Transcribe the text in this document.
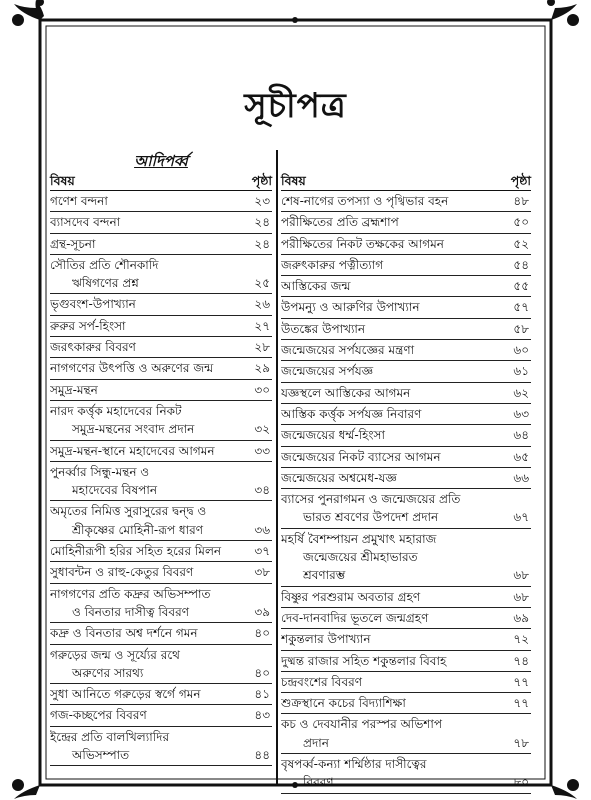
সূচীপত্র
আদিপর্ব্ব
বিষয়	পৃষ্ঠা
গণেশ বন্দনা	২৩
ব্যাসদেব বন্দনা	২৪
গ্রন্থ-সূচনা	২৪
সৌতির প্রতি শৌনকাদি
ঋষিগণের প্রশ্ন	২৫
ভৃগুবংশ-উপাখ্যান	২৬
রুরুর সর্প-হিংসা	২৭
জরৎকারুর বিবরণ	২৮
নাগগণের উৎপত্তি ও অরুণের জন্ম	২৯
সমুদ্র-মন্থন	৩০
নারদ কর্ত্তৃক মহাদেবের নিকট
সমুদ্র-মন্থনের সংবাদ প্রদান	৩২
সমুদ্র-মন্থন-স্থানে মহাদেবের আগমন	৩৩
পুনর্ব্বার সিন্ধু-মন্থন ও
মহাদেবের বিষপান	৩৪
অমৃতের নিমিত্ত সুরাসুরের দ্বন্দ্ব ও
শ্রীকৃষ্ণের মোহিনী-রূপ ধারণ	৩৬
মোহিনীরূপী হরির সহিত হরের মিলন	৩৭
সুধাবন্টন ও রাহু-কেতুর বিবরণ	৩৮
নাগগণের প্রতি কদ্রুর অভিসম্পাত
ও বিনতার দাসীত্ব বিবরণ	৩৯
কদ্রু ও বিনতার অশ্ব দর্শনে গমন	৪০
গরুড়ের জন্ম ও সূর্য্যের রথে
অরুণের সারথ্য	৪০
সুধা আনিতে গরুড়ের স্বর্গে গমন	৪১
গজ-কচ্ছপের বিবরণ	৪৩
ইন্দ্রের প্রতি বালখিল্যাদির
অভিসম্পাত	৪৪
বিষয়	পৃষ্ঠা
শেষ-নাগের তপস্যা ও পৃথ্বিভার বহন	৪৮
পরীক্ষিতের প্রতি ব্রহ্মশাপ	৫০
পরীক্ষিতের নিকট তক্ষকের আগমন	৫২
জরুৎকারুর পত্নীত্যাগ	৫৪
আস্তিকের জন্ম	৫৫
উপমন্যু ও আরুণির উপাখ্যান	৫৭
উতঙ্কের উপাখ্যান	৫৮
জন্মেজয়ের সর্পযজ্ঞের মন্ত্রণা	৬০
জন্মেজয়ের সর্পযজ্ঞ	৬১
যজ্ঞস্থলে আস্তিকের আগমন	৬২
আস্তিক কর্ত্তৃক সর্পযজ্ঞ নিবারণ	৬৩
জন্মেজয়ের ধর্ম্ম-হিংসা	৬৪
জন্মেজয়ের নিকট ব্যাসের আগমন	৬৫
জন্মেজয়ের অশ্বমেধ-যজ্ঞ	৬৬
ব্যাসের পুনরাগমন ও জন্মেজয়ের প্রতি
ভারত শ্রবণের উপদেশ প্রদান	৬৭
মহর্ষি বৈশম্পায়ন প্রমুখাৎ মহারাজ
জন্মেজয়ের শ্রীমহাভারত
শ্রবণারম্ভ	৬৮
বিষ্ণুর পরশুরাম অবতার গ্রহণ	৬৮
দেব-দানবাদির ভূতলে জন্মগ্রহণ	৬৯
শকুন্তলার উপাখ্যান	৭২
দুষ্মন্ত রাজার সহিত শকুন্তলার বিবাহ	৭৪
চন্দ্রবংশের বিবরণ	৭৭
শুক্রস্থানে কচের বিদ্যাশিক্ষা	৭৭
কচ ও দেবযানীর পরস্পর অভিশাপ
প্রদান	৭৮
বৃষপর্ব্ব-কন্যা শর্ম্মিষ্ঠার দাসীত্বের
বিবরণ	৮০
